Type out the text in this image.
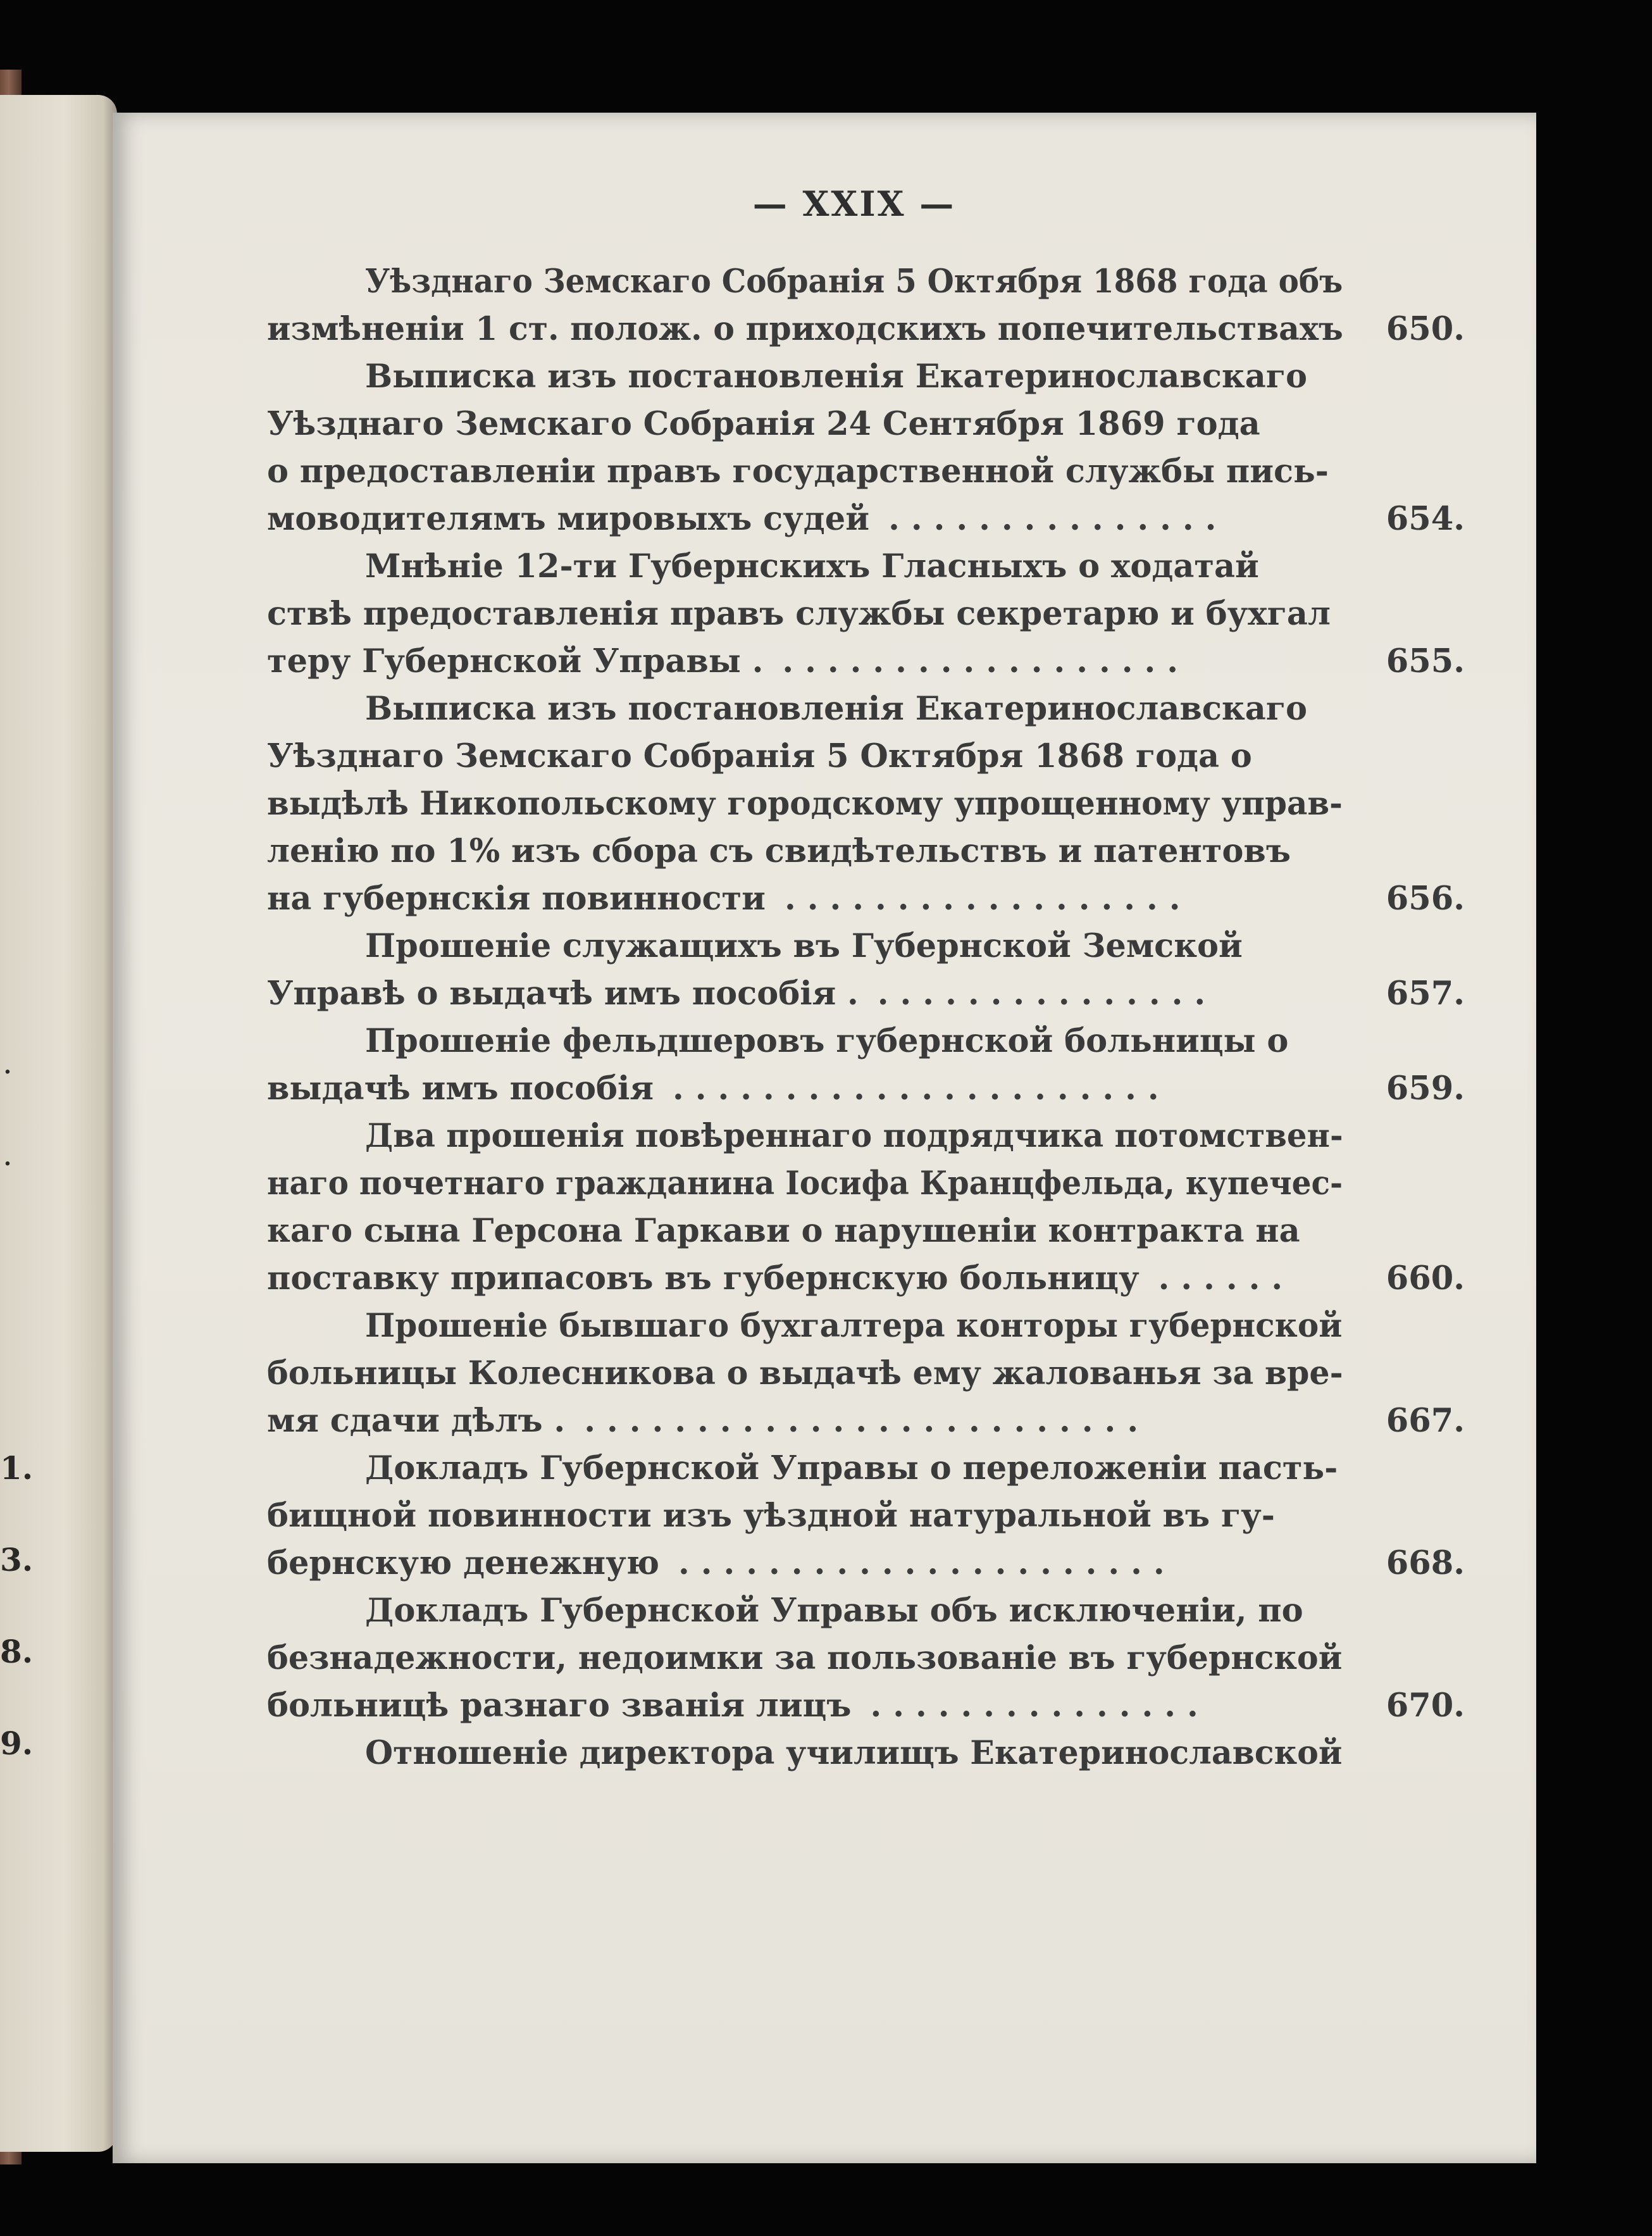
.
.
1.
3.
8.
9.
— XXIX —
Уѣзднаго Земскаго Собранія 5 Октября 1868 года объ
измѣненіи 1 ст. полож. о приходскихъ попечительствахъ 650.
Выписка изъ постановленія Екатеринославскаго
Уѣзднаго Земскаго Собранія 24 Сентября 1869 года
о предоставленіи правъ государственной службы пись-
моводителямъ мировыхъ судей ...............	654.
Мнѣніе 12-ти Губернскихъ Гласныхъ о ходатай
ствѣ предоставленія правъ службы секретарю и бухгал
теру Губернской Управы . ..................	655.
Выписка изъ постановленія Екатеринославскаго
Уѣзднаго Земскаго Собранія 5 Октября 1868 года о
выдѣлѣ Никопольскому городскому упрощенному управ-
ленію по 1% изъ сбора съ свидѣтельствъ и патентовъ
на губернскія повинности ..................	656.
Прошеніе служащихъ въ Губернской Земской
Управѣ о выдачѣ имъ пособія . ...............	657.
Прошеніе фельдшеровъ губернской больницы о
выдачѣ имъ пособія ......................	659.
Два прошенія повѣреннаго подрядчика потомствен-
наго почетнаго гражданина Іосифа Кранцфельда, купечес-
каго сына Герсона Гаркави о нарушеніи контракта на
поставку припасовъ въ губернскую больницу ......	660.
Прошеніе бывшаго бухгалтера конторы губернской
больницы Колесникова о выдачѣ ему жалованья за вре-
мя сдачи дѣлъ . .........................	667.
Докладъ Губернской Управы о переложеніи пасть-
бищной повинности изъ уѣздной натуральной въ гу-
бернскую денежную ......................	668.
Докладъ Губернской Управы объ исключеніи, по
безнадежности, недоимки за пользованіе въ губернской
больницѣ разнаго званія лицъ ...............	670.
Отношеніе директора училищъ Екатеринославской
